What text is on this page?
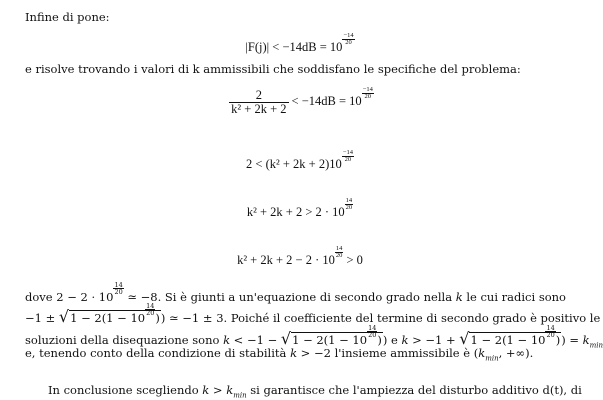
Infine di pone:
|F(j)| < −14dB = 10
$\frac{-14}{20}$
e risolve trovando i valori di k ammissibili che soddisfano le specifiche del problema:
$\frac{2}{\text{k² + 2k + 2}} < -14dB = 10$
$\frac{-14}{20}$
2 < (k² + 2k + 2)10
$\frac{-14}{20}$
k² + 2k + 2 > 2 · 10
$\frac{14}{20}$
k² + 2k + 2 − 2 · 10
$\frac{14}{20}$
> 0
dove 2 − 2 · 10
$\frac{14}{20}$
≃ −8. Si è giunti a un'equazione di secondo grado nella k le cui radici sono
−1 ± √1 − 2(1 − 10
$\frac{14}{20}$
)) ≃ −1 ± 3. Poiché il coefficiente del termine di secondo grado è positivo le
soluzioni della disequazione sono k < −1 − √1 − 2(1 − 10
$\frac{14}{20}$
)) e k > −1 + √1 − 2(1 − 10
$\frac{14}{20}$
)) = $k_{min}$
e, tenendo conto della condizione di stabilità k > −2 l'insieme ammissibile è ($k_{min}$, +∞).
In conclusione scegliendo $k > k_{min}$ si garantisce che l'ampiezza del disturbo additivo d(t), di
